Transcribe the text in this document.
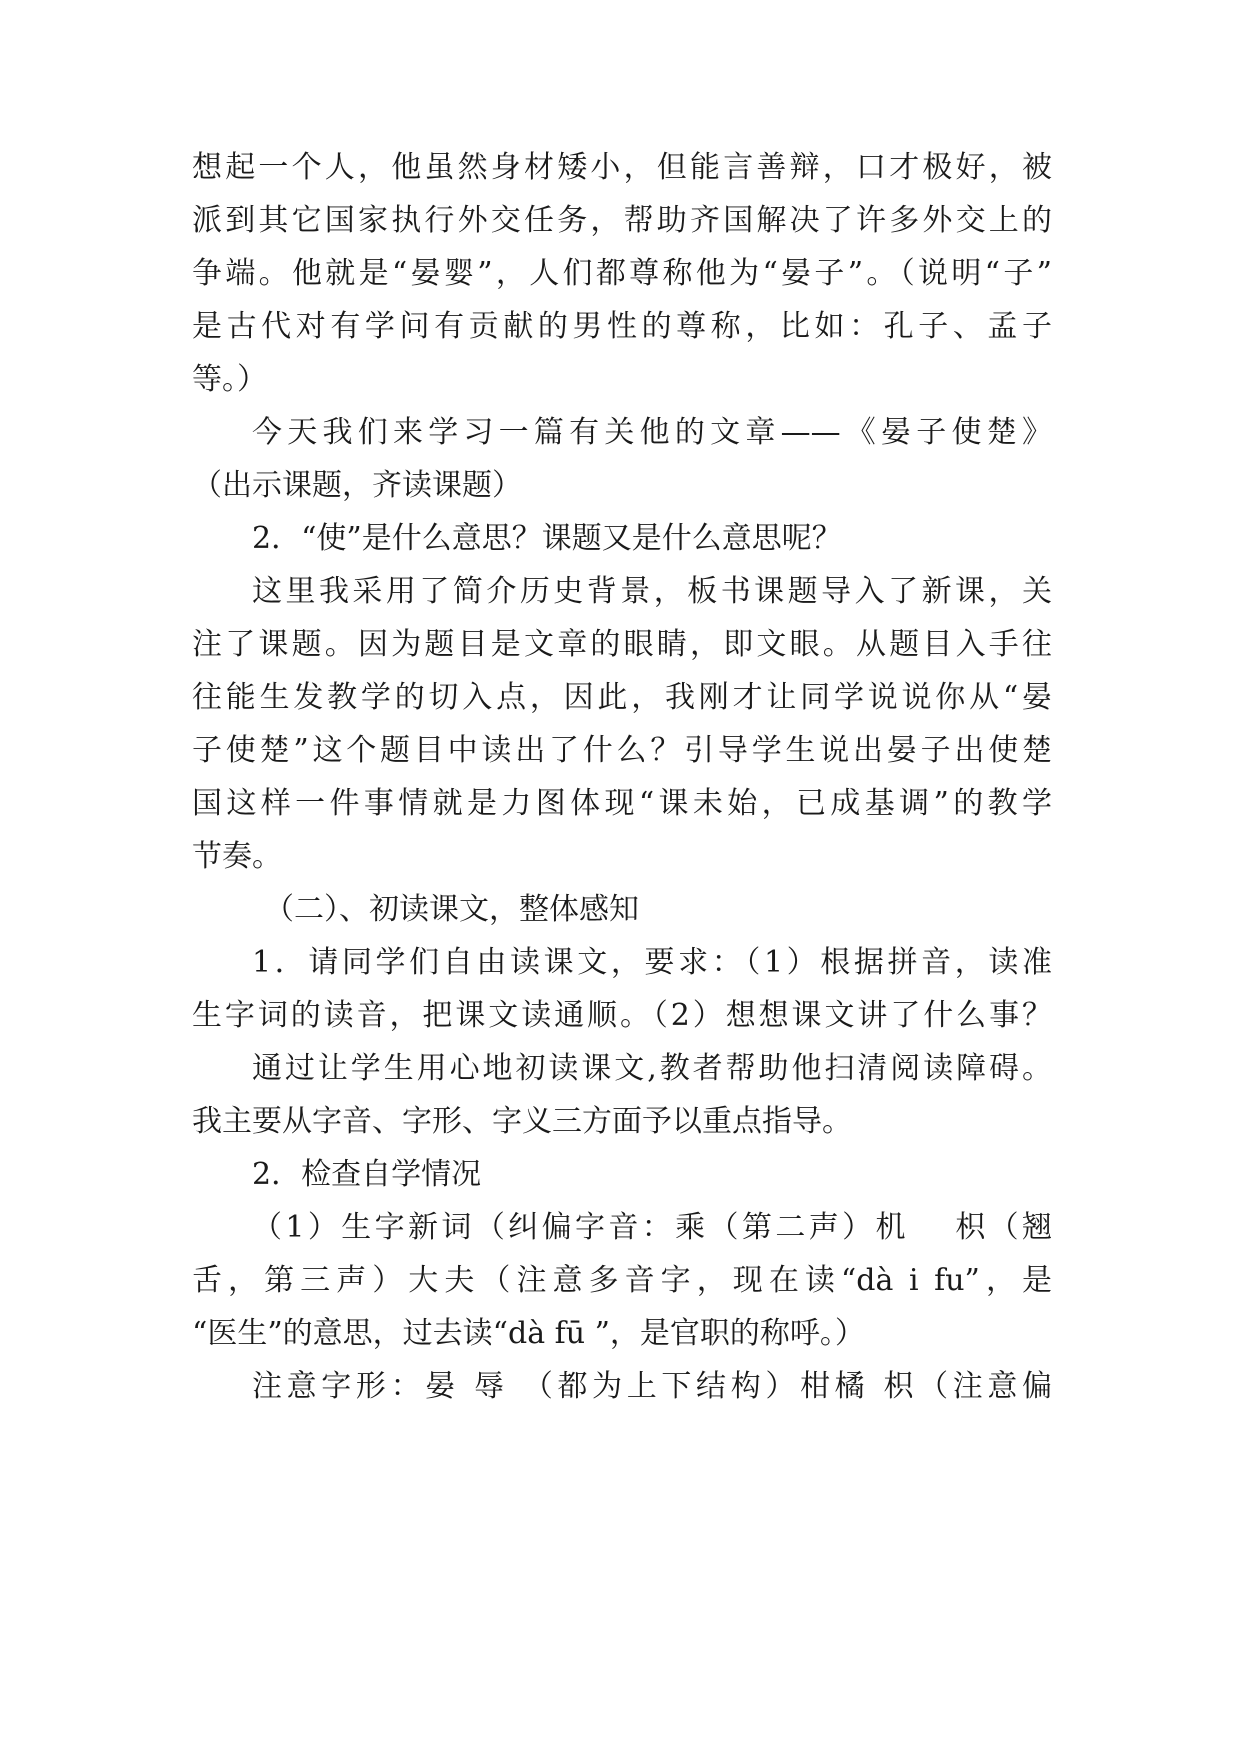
想起一个人，他虽然身材矮小，但能言善辩，口才极好，被
派到其它国家执行外交任务，帮助齐国解决了许多外交上的
争端。他就是“晏婴”，人们都尊称他为“晏子”。（说明“子”
是古代对有学问有贡献的男性的尊称，比如：孔子、孟子
等。）
今天我们来学习一篇有关他的文章——《晏子使楚》
（出示课题，齐读课题）
2．“使”是什么意思？课题又是什么意思呢？
这里我采用了简介历史背景，板书课题导入了新课，关
注了课题。因为题目是文章的眼睛，即文眼。从题目入手往
往能生发教学的切入点，因此，我刚才让同学说说你从“晏
子使楚”这个题目中读出了什么？引导学生说出晏子出使楚
国这样一件事情就是力图体现“课未始，已成基调”的教学
节奏。
（二）、初读课文，整体感知
1．请同学们自由读课文，要求：（1）根据拼音，读准
生字词的读音，把课文读通顺。（2）想想课文讲了什么事？
通过让学生用心地初读课文,教者帮助他扫清阅读障碍。
我主要从字音、字形、字义三方面予以重点指导。
2．检查自学情况
（1）生字新词（纠偏字音：乘（第二声）机　 枳（翘
舌，第三声）大夫（注意多音字，现在读“dà i fu”，是
“医生”的意思，过去读“dà fū ”，是官职的称呼。）
注意字形：晏 辱 （都为上下结构）柑橘 枳（注意偏
